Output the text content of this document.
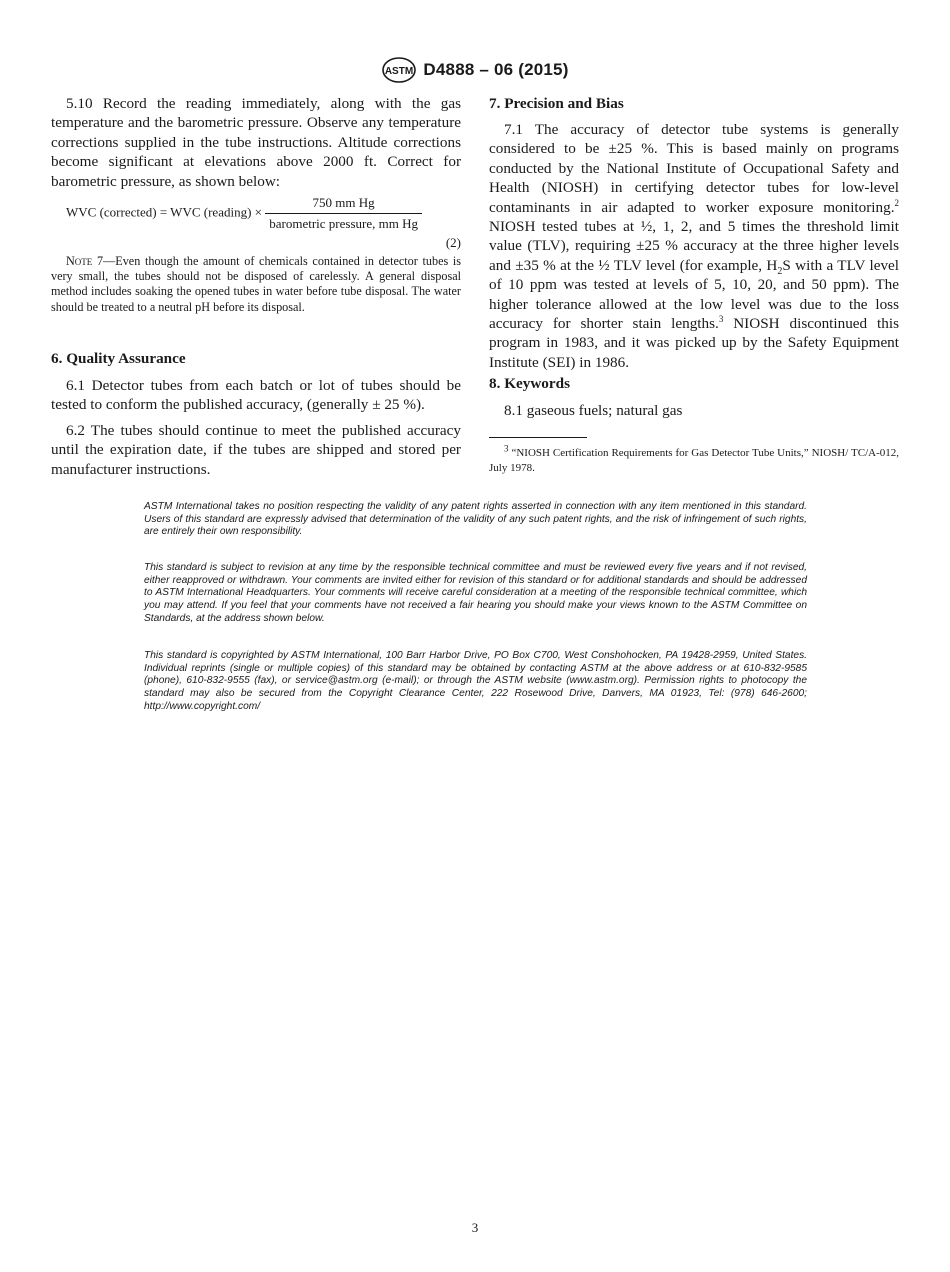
ASTM D4888 – 06 (2015)

5.10 Record the reading immediately, along with the gas temperature and the barometric pressure. Observe any temperature corrections supplied in the tube instructions. Altitude corrections become significant at elevations above 2000 ft. Correct for barometric pressure, as shown below:

WVC (corrected) = WVC (reading) × $\frac{\text{750 mm Hg}}{\text{barometric pressure, mm Hg}}$
(2)
Note 7—Even though the amount of chemicals contained in detector tubes is very small, the tubes should not be disposed of carelessly. A general disposal method includes soaking the opened tubes in water before tube disposal. The water should be treated to a neutral pH before its disposal.
6. Quality Assurance

6.1 Detector tubes from each batch or lot of tubes should be tested to conform the published accuracy, (generally ± 25 %).

6.2 The tubes should continue to meet the published accuracy until the expiration date, if the tubes are shipped and stored per manufacturer instructions.

7. Precision and Bias

7.1 The accuracy of detector tube systems is generally considered to be ±25 %. This is based mainly on programs conducted by the National Institute of Occupational Safety and Health (NIOSH) in certifying detector tubes for low-level contaminants in air adapted to worker exposure monitoring.$^2$ NIOSH tested tubes at ½, 1, 2, and 5 times the threshold limit value (TLV), requiring ±25 % accuracy at the three higher levels and ±35 % at the ½ TLV level (for example, $H_2S$ with a TLV level of 10 ppm was tested at levels of 5, 10, 20, and 50 ppm). The higher tolerance allowed at the low level was due to the loss accuracy for shorter stain lengths.$^3$ NIOSH discontinued this program in 1983, and it was picked up by the Safety Equipment Institute (SEI) in 1986.

8. Keywords

8.1 gaseous fuels; natural gas

$^3$ “NIOSH Certification Requirements for Gas Detector Tube Units,” NIOSH/ TC/A-012, July 1978.
ASTM International takes no position respecting the validity of any patent rights asserted in connection with any item mentioned in this standard. Users of this standard are expressly advised that determination of the validity of any such patent rights, and the risk of infringement of such rights, are entirely their own responsibility.
This standard is subject to revision at any time by the responsible technical committee and must be reviewed every five years and if not revised, either reapproved or withdrawn. Your comments are invited either for revision of this standard or for additional standards and should be addressed to ASTM International Headquarters. Your comments will receive careful consideration at a meeting of the responsible technical committee, which you may attend. If you feel that your comments have not received a fair hearing you should make your views known to the ASTM Committee on Standards, at the address shown below.
This standard is copyrighted by ASTM International, 100 Barr Harbor Drive, PO Box C700, West Conshohocken, PA 19428-2959, United States. Individual reprints (single or multiple copies) of this standard may be obtained by contacting ASTM at the above address or at 610-832-9585 (phone), 610-832-9555 (fax), or service@astm.org (e-mail); or through the ASTM website (www.astm.org). Permission rights to photocopy the standard may also be secured from the Copyright Clearance Center, 222 Rosewood Drive, Danvers, MA 01923, Tel: (978) 646-2600; http://www.copyright.com/
3
